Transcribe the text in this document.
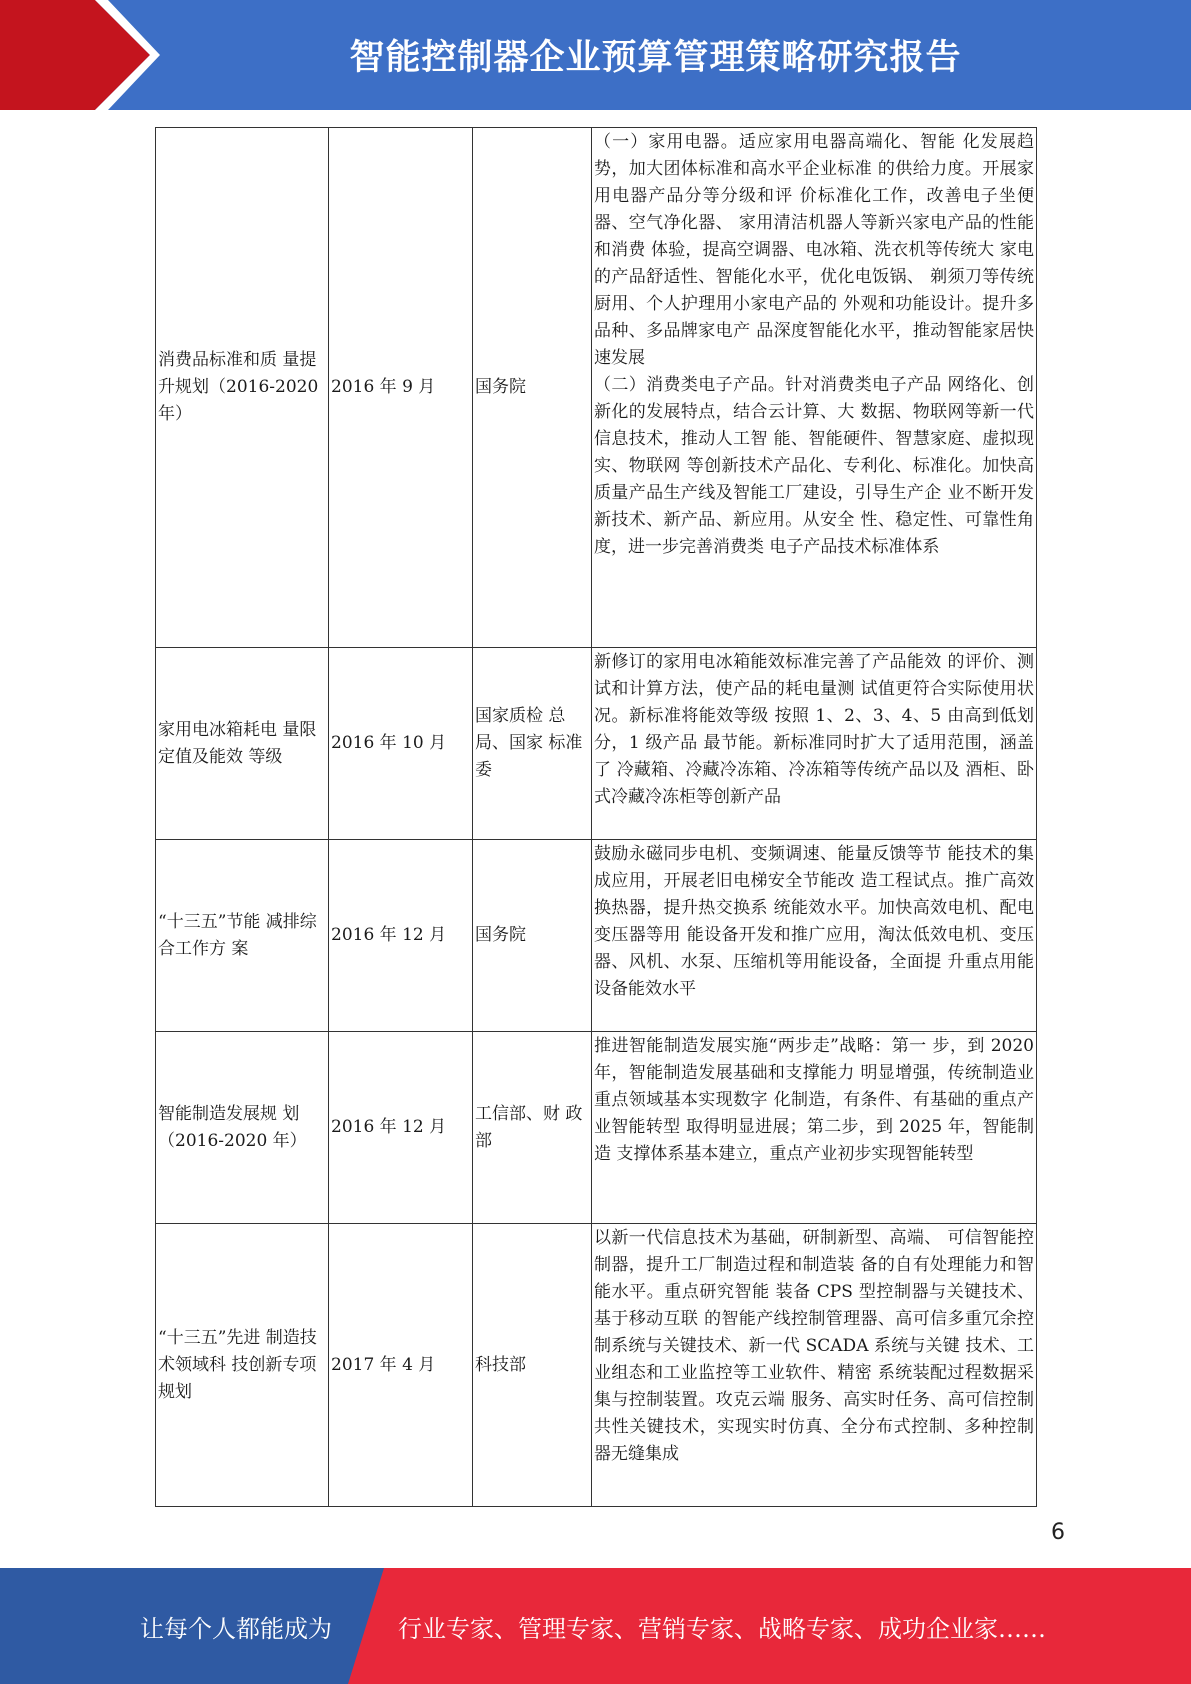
智能控制器企业预算管理策略研究报告
消费品标准和质 量提升规划（2016-2020 年）	2016 年 9 月	国务院	（一）家用电器。适应家用电器高端化、智能 化发展趋势，加大团体标准和高水平企业标准 的供给力度。开展家用电器产品分等分级和评 价标准化工作，改善电子坐便器、空气净化器、 家用清洁机器人等新兴家电产品的性能和消费 体验，提高空调器、电冰箱、洗衣机等传统大 家电的产品舒适性、智能化水平，优化电饭锅、 剃须刀等传统厨用、个人护理用小家电产品的 外观和功能设计。提升多品种、多品牌家电产 品深度智能化水平，推动智能家居快速发展

（二）消费类电子产品。针对消费类电子产品 网络化、创新化的发展特点，结合云计算、大 数据、物联网等新一代信息技术，推动人工智 能、智能硬件、智慧家庭、虚拟现实、物联网 等创新技术产品化、专利化、标准化。加快高 质量产品生产线及智能工厂建设，引导生产企 业不断开发新技术、新产品、新应用。从安全 性、稳定性、可靠性角度，进一步完善消费类 电子产品技术标准体系

家用电冰箱耗电 量限定值及能效 等级	2016 年 10 月	国家质检 总局、国家 标准委	新修订的家用电冰箱能效标准完善了产品能效 的评价、测试和计算方法，使产品的耗电量测 试值更符合实际使用状况。新标准将能效等级 按照 1、2、3、4、5 由高到低划分，1 级产品 最节能。新标准同时扩大了适用范围，涵盖了 冷藏箱、冷藏冷冻箱、冷冻箱等传统产品以及 酒柜、卧式冷藏冷冻柜等创新产品

“十三五”节能 减排综合工作方 案	2016 年 12 月	国务院	鼓励永磁同步电机、变频调速、能量反馈等节 能技术的集成应用，开展老旧电梯安全节能改 造工程试点。推广高效换热器，提升热交换系 统能效水平。加快高效电机、配电变压器等用 能设备开发和推广应用，淘汰低效电机、变压 器、风机、水泵、压缩机等用能设备，全面提 升重点用能设备能效水平

智能制造发展规 划（2016-2020 年）	2016 年 12 月	工信部、财 政部	推进智能制造发展实施“两步走”战略：第一 步，到 2020 年，智能制造发展基础和支撑能力 明显增强，传统制造业重点领域基本实现数字 化制造，有条件、有基础的重点产业智能转型 取得明显进展；第二步，到 2025 年，智能制造 支撑体系基本建立，重点产业初步实现智能转型

“十三五”先进 制造技术领域科 技创新专项规划	2017 年 4 月	科技部	以新一代信息技术为基础，研制新型、高端、 可信智能控制器，提升工厂制造过程和制造装 备的自有处理能力和智能水平。重点研究智能 装备 CPS 型控制器与关键技术、基于移动互联 的智能产线控制管理器、高可信多重冗余控制系统与关键技术、新一代 SCADA 系统与关键 技术、工业组态和工业监控等工业软件、精密 系统装配过程数据采集与控制装置。攻克云端 服务、高实时任务、高可信控制共性关键技术，实现实时仿真、全分布式控制、多种控制器无缝集成

6
让每个人都能成为	行业专家、管理专家、营销专家、战略专家、成功企业家……
